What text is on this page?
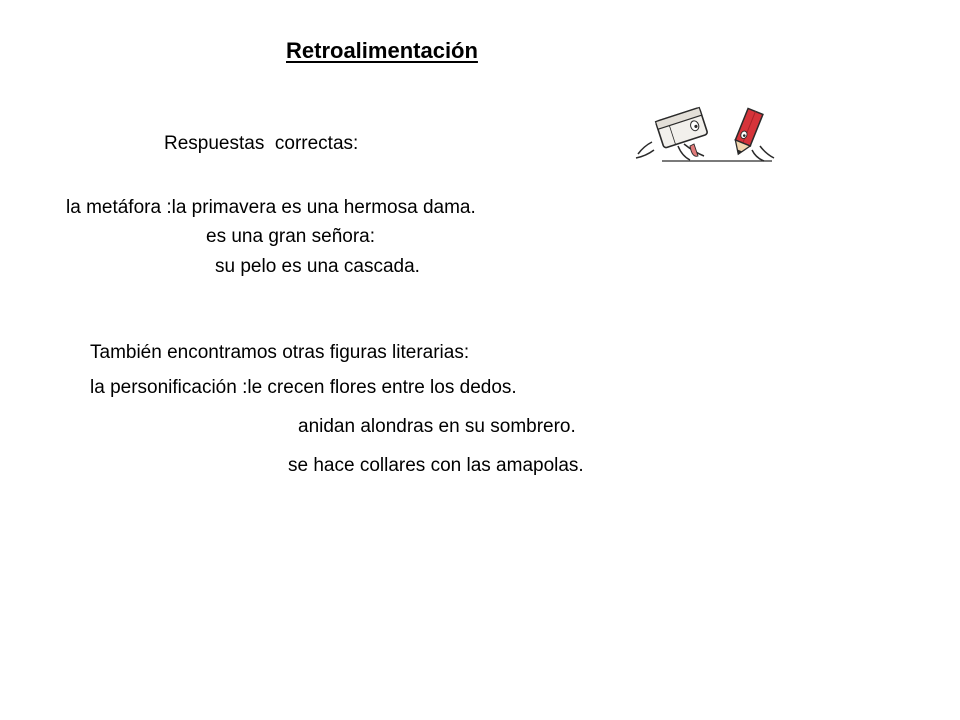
Retroalimentación
Respuestas  correctas:
la metáfora :la primavera es una hermosa dama.
es una gran señora:
su pelo es una cascada.
También encontramos otras figuras literarias:
la personificación :le crecen flores entre los dedos.
anidan alondras en su sombrero.
se hace collares con las amapolas.
